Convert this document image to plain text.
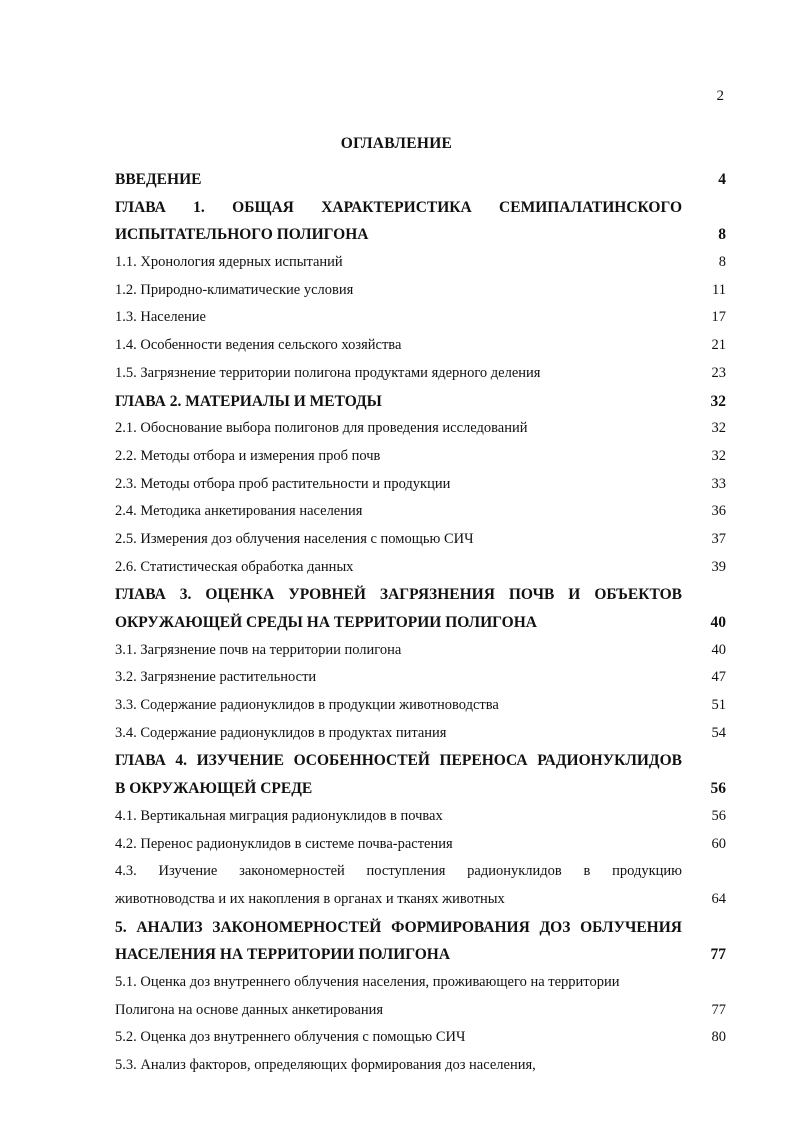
2
ОГЛАВЛЕНИЕ
ВВЕДЕНИЕ	4
ГЛАВА 1. ОБЩАЯ ХАРАКТЕРИСТИКА СЕМИПАЛАТИНСКОГО
ИСПЫТАТЕЛЬНОГО ПОЛИГОНА	8
1.1. Хронология ядерных испытаний	8
1.2. Природно-климатические условия	11
1.3. Население	17
1.4. Особенности ведения сельского хозяйства	21
1.5. Загрязнение территории полигона продуктами ядерного деления	23
ГЛАВА 2. МАТЕРИАЛЫ И МЕТОДЫ	32
2.1. Обоснование выбора полигонов для проведения исследований	32
2.2. Методы отбора и измерения проб почв	32
2.3. Методы отбора проб растительности и продукции	33
2.4. Методика анкетирования населения	36
2.5. Измерения доз облучения населения с помощью СИЧ	37
2.6. Статистическая обработка данных	39
ГЛАВА 3. ОЦЕНКА УРОВНЕЙ ЗАГРЯЗНЕНИЯ ПОЧВ И ОБЪЕКТОВ
ОКРУЖАЮЩЕЙ СРЕДЫ НА ТЕРРИТОРИИ ПОЛИГОНА	40
3.1. Загрязнение почв на территории полигона	40
3.2. Загрязнение растительности	47
3.3. Содержание радионуклидов в продукции животноводства	51
3.4. Содержание радионуклидов в продуктах питания	54
ГЛАВА 4. ИЗУЧЕНИЕ ОСОБЕННОСТЕЙ ПЕРЕНОСА РАДИОНУКЛИДОВ
В ОКРУЖАЮЩЕЙ СРЕДЕ	56
4.1. Вертикальная миграция радионуклидов в почвах	56
4.2. Перенос радионуклидов в системе почва-растения	60
4.3. Изучение закономерностей поступления радионуклидов в продукцию
животноводства и их накопления в органах и тканях животных	64
5. АНАЛИЗ ЗАКОНОМЕРНОСТЕЙ ФОРМИРОВАНИЯ ДОЗ ОБЛУЧЕНИЯ
НАСЕЛЕНИЯ НА ТЕРРИТОРИИ ПОЛИГОНА	77
5.1. Оценка доз внутреннего облучения населения, проживающего на территории
Полигона на основе данных анкетирования	77
5.2. Оценка доз внутреннего облучения с помощью СИЧ	80
5.3. Анализ факторов, определяющих формирования доз населения,
